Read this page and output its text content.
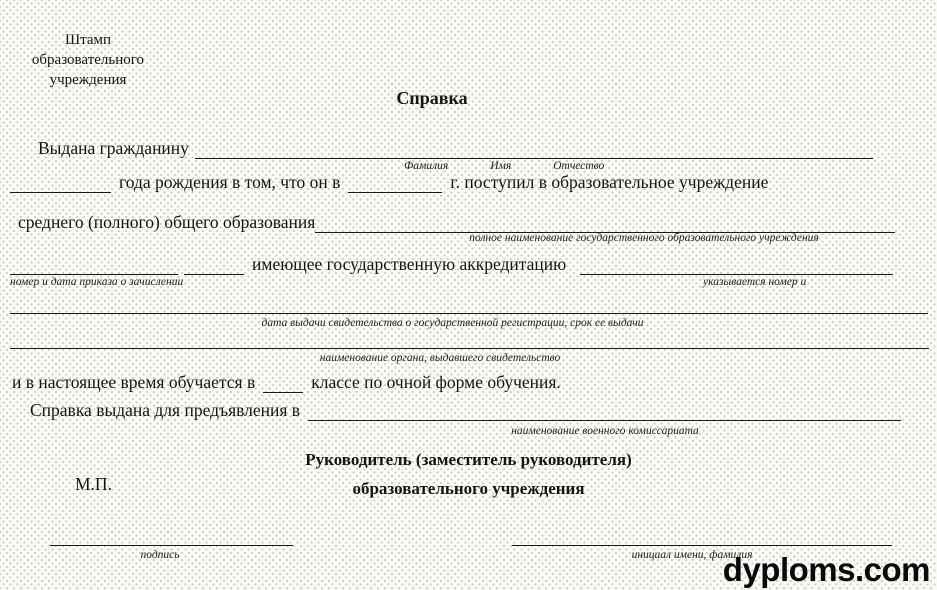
Штамп
образовательного
учреждения
Справка
Выдана гражданину
Фамилия	Имя	Отчество
года рождения в том, что он в	г. поступил в образовательное учреждение
среднего (полного) общего образования
полное наименование государственного образовательного учреждения
имеющее государственную аккредитацию
номер и дата приказа о зачислении	указывается номер и
дата выдачи свидетельства о государственной регистрации, срок ее выдачи
наименование органа, выдавшего свидетельство
и в настоящее время обучается в	классе по очной форме обучения.
Справка выдана для предъявления в
наименование военного комиссариата
Руководитель (заместитель руководителя)
образовательного учреждения
М.П.
подпись	инициал имени, фамилия
dyploms.com
